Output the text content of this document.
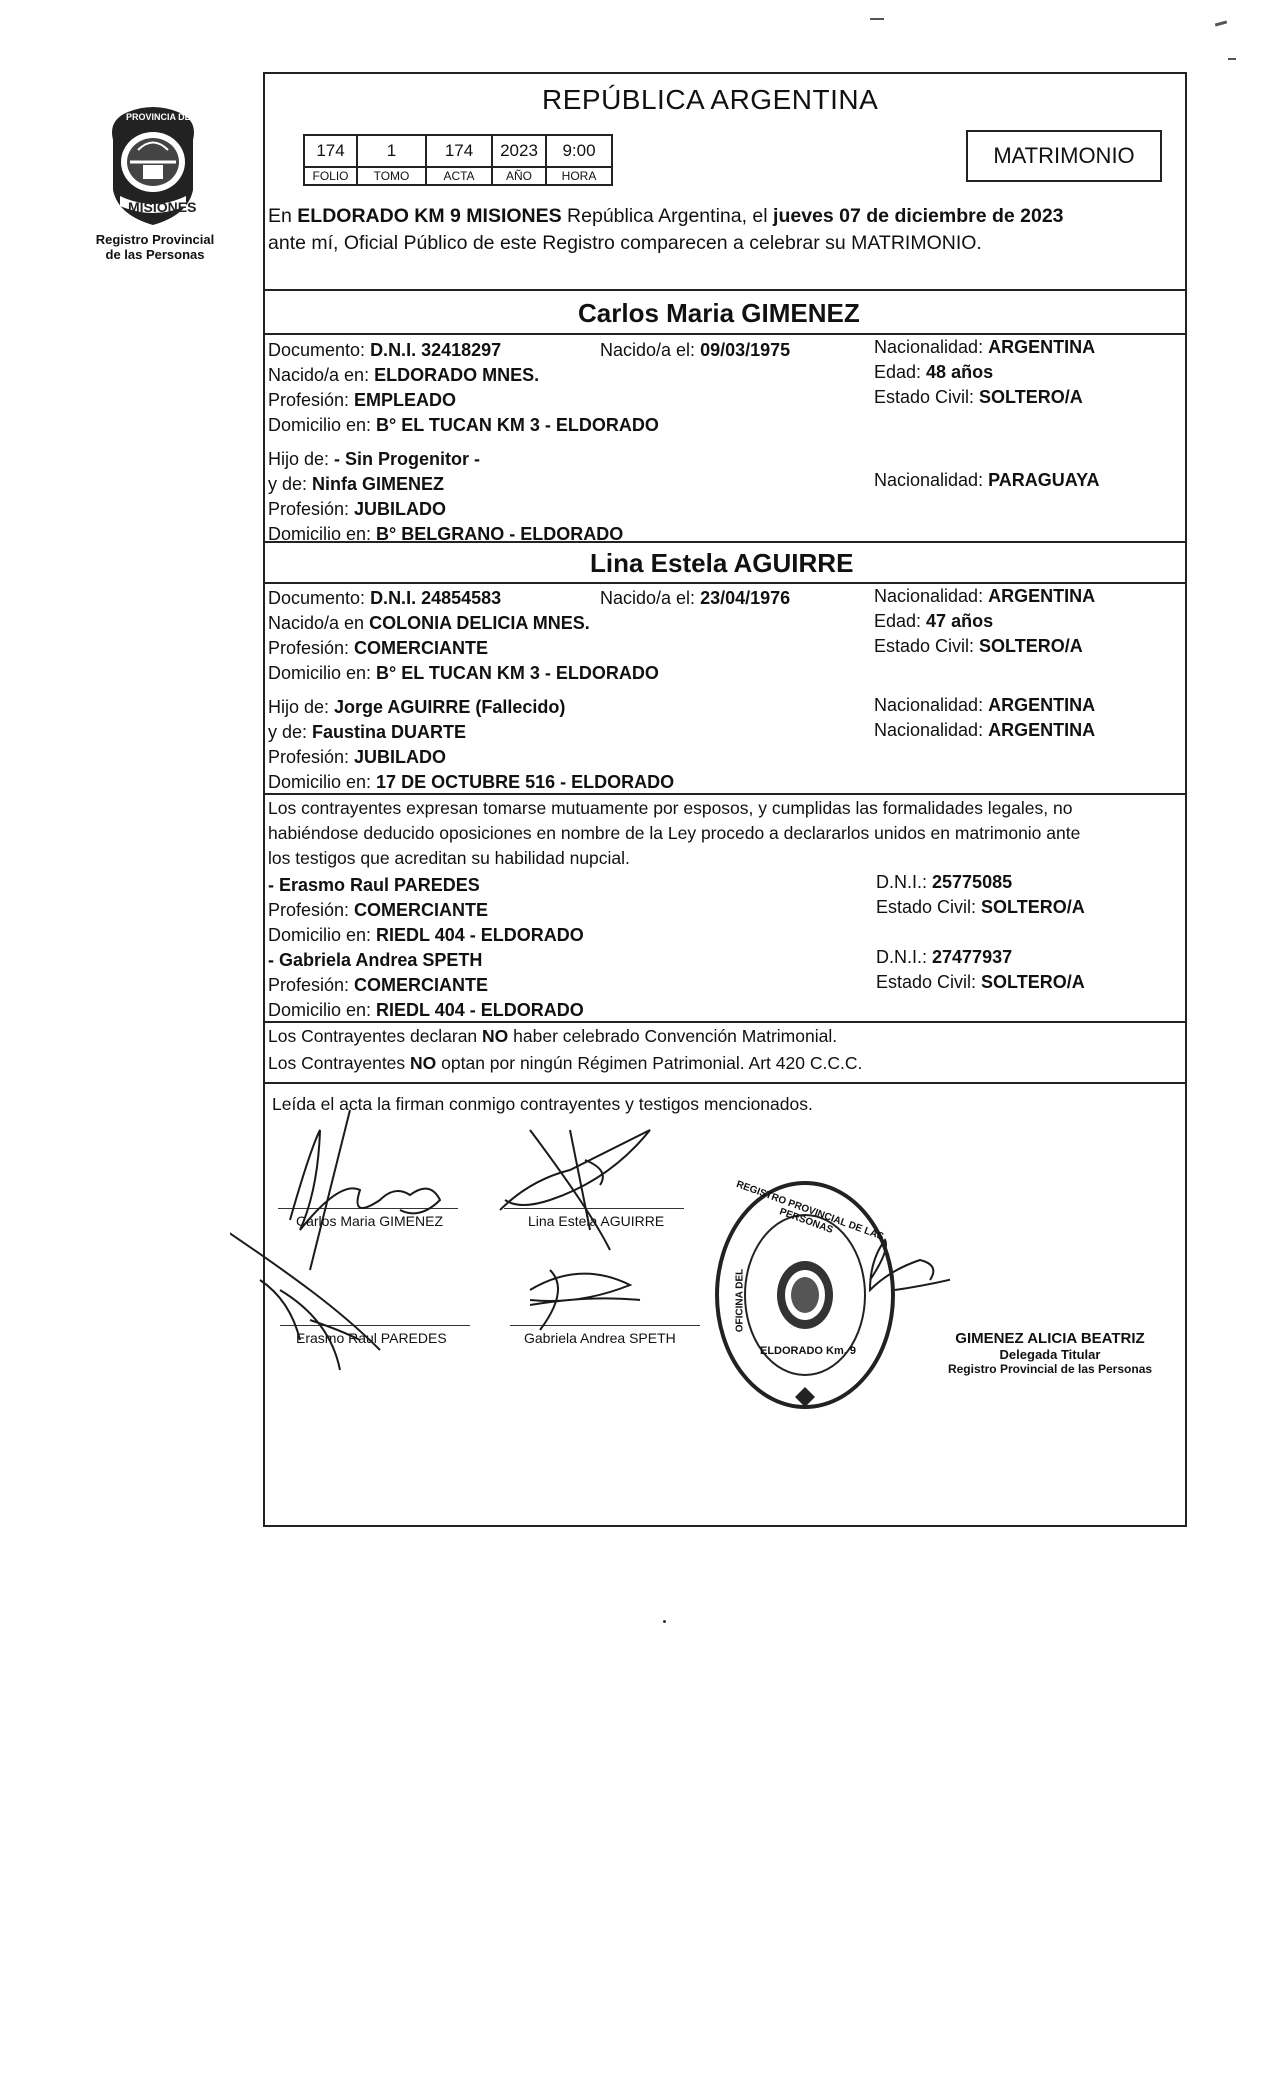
PROVINCIA DE
MISIONES
Registro Provincial
de las Personas
REPÚBLICA ARGENTINA
174	1	174	2023	9:00
FOLIO	TOMO	ACTA	AÑO	HORA
MATRIMONIO
En ELDORADO KM 9 MISIONES República Argentina, el jueves 07 de diciembre de 2023
ante mí, Oficial Público de este Registro comparecen a celebrar su MATRIMONIO.
Carlos Maria GIMENEZ
Documento: D.N.I. 32418297	Nacido/a el: 09/03/1975	Nacionalidad: ARGENTINA
Nacido/a en: ELDORADO MNES.	Edad: 48 años
Profesión: EMPLEADO	Estado Civil: SOLTERO/A
Domicilio en: B° EL TUCAN KM 3 - ELDORADO
Hijo de: - Sin Progenitor -
y de: Ninfa GIMENEZ	Nacionalidad: PARAGUAYA
Profesión: JUBILADO
Domicilio en: B° BELGRANO - ELDORADO
Lina Estela AGUIRRE
Documento: D.N.I. 24854583	Nacido/a el: 23/04/1976	Nacionalidad: ARGENTINA
Nacido/a en COLONIA DELICIA MNES.	Edad: 47 años
Profesión: COMERCIANTE	Estado Civil: SOLTERO/A
Domicilio en: B° EL TUCAN KM 3 - ELDORADO
Hijo de: Jorge AGUIRRE (Fallecido)	Nacionalidad: ARGENTINA
y de: Faustina DUARTE	Nacionalidad: ARGENTINA
Profesión: JUBILADO
Domicilio en: 17 DE OCTUBRE 516 - ELDORADO
Los contrayentes expresan tomarse mutuamente por esposos, y cumplidas las formalidades legales, no
habiéndose deducido oposiciones en nombre de la Ley procedo a declararlos unidos en matrimonio ante
los testigos que acreditan su habilidad nupcial.
- Erasmo Raul PAREDES	D.N.I.: 25775085
Profesión: COMERCIANTE	Estado Civil: SOLTERO/A
Domicilio en: RIEDL 404 - ELDORADO
- Gabriela Andrea SPETH	D.N.I.: 27477937
Profesión: COMERCIANTE	Estado Civil: SOLTERO/A
Domicilio en: RIEDL 404 - ELDORADO
Los Contrayentes declaran NO haber celebrado Convención Matrimonial.
Los Contrayentes NO optan por ningún Régimen Patrimonial. Art 420 C.C.C.
Leída el acta la firman conmigo contrayentes y testigos mencionados.
Carlos Maria GIMENEZ	Lina Estela AGUIRRE
Erasmo Raul PAREDES	Gabriela Andrea SPETH
REGISTRO PROVINCIAL DE LAS PERSONAS
ELDORADO Km. 9
OFICINA DEL
GIMENEZ ALICIA BEATRIZ
Delegada Titular
Registro Provincial de las Personas
